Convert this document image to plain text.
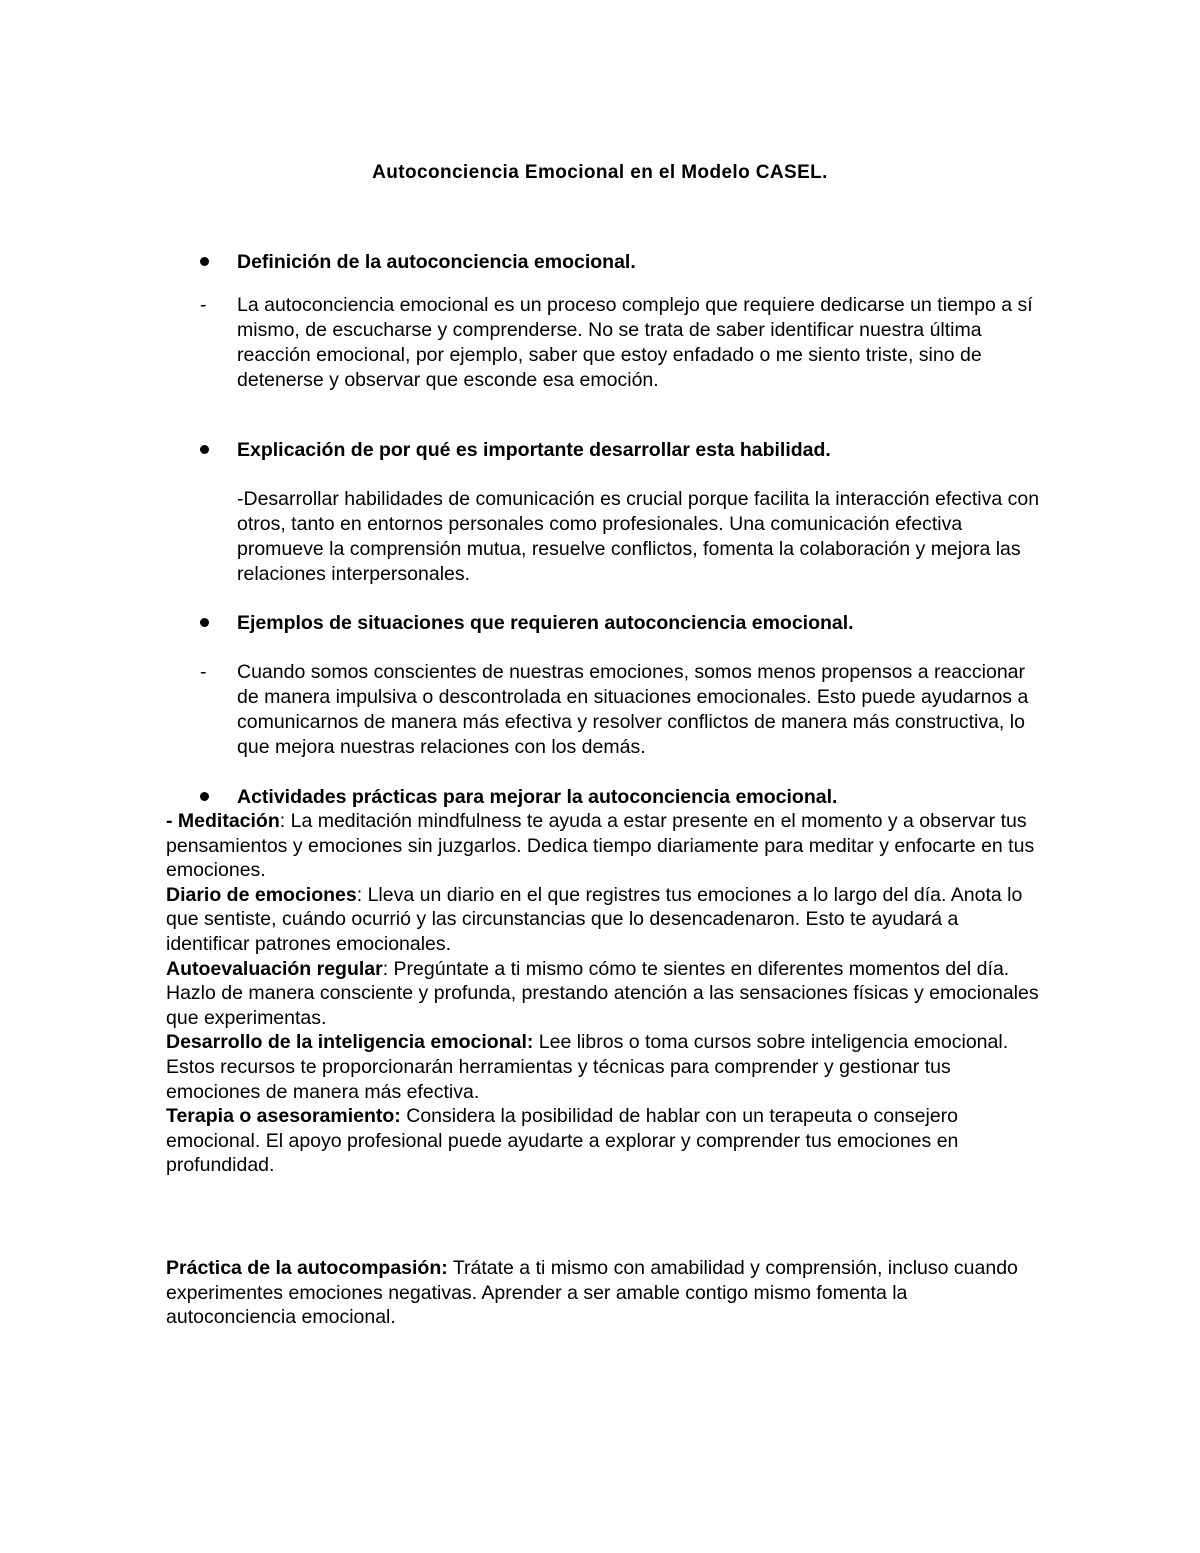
Autoconciencia Emocional en el Modelo CASEL.
Definición de la autoconciencia emocional.
-	La autoconciencia emocional es un proceso complejo que requiere dedicarse un tiempo a sí mismo, de escucharse y comprenderse. No se trata de saber identificar nuestra última reacción emocional, por ejemplo, saber que estoy enfadado o me siento triste, sino de detenerse y observar que esconde esa emoción.
Explicación de por qué es importante desarrollar esta habilidad.
-Desarrollar habilidades de comunicación es crucial porque facilita la interacción efectiva con otros, tanto en entornos personales como profesionales. Una comunicación efectiva promueve la comprensión mutua, resuelve conflictos, fomenta la colaboración y mejora las relaciones interpersonales.
Ejemplos de situaciones que requieren autoconciencia emocional.
-	Cuando somos conscientes de nuestras emociones, somos menos propensos a reaccionar de manera impulsiva o descontrolada en situaciones emocionales. Esto puede ayudarnos a comunicarnos de manera más efectiva y resolver conflictos de manera más constructiva, lo que mejora nuestras relaciones con los demás.
Actividades prácticas para mejorar la autoconciencia emocional.

- Meditación: La meditación mindfulness te ayuda a estar presente en el momento y a observar tus pensamientos y emociones sin juzgarlos. Dedica tiempo diariamente para meditar y enfocarte en tus emociones.

Diario de emociones: Lleva un diario en el que registres tus emociones a lo largo del día. Anota lo que sentiste, cuándo ocurrió y las circunstancias que lo desencadenaron. Esto te ayudará a identificar patrones emocionales.

Autoevaluación regular: Pregúntate a ti mismo cómo te sientes en diferentes momentos del día. Hazlo de manera consciente y profunda, prestando atención a las sensaciones físicas y emocionales que experimentas.

Desarrollo de la inteligencia emocional: Lee libros o toma cursos sobre inteligencia emocional. Estos recursos te proporcionarán herramientas y técnicas para comprender y gestionar tus emociones de manera más efectiva.

Terapia o asesoramiento: Considera la posibilidad de hablar con un terapeuta o consejero emocional. El apoyo profesional puede ayudarte a explorar y comprender tus emociones en profundidad.

Práctica de la autocompasión: Trátate a ti mismo con amabilidad y comprensión, incluso cuando experimentes emociones negativas. Aprender a ser amable contigo mismo fomenta la autoconciencia emocional.
